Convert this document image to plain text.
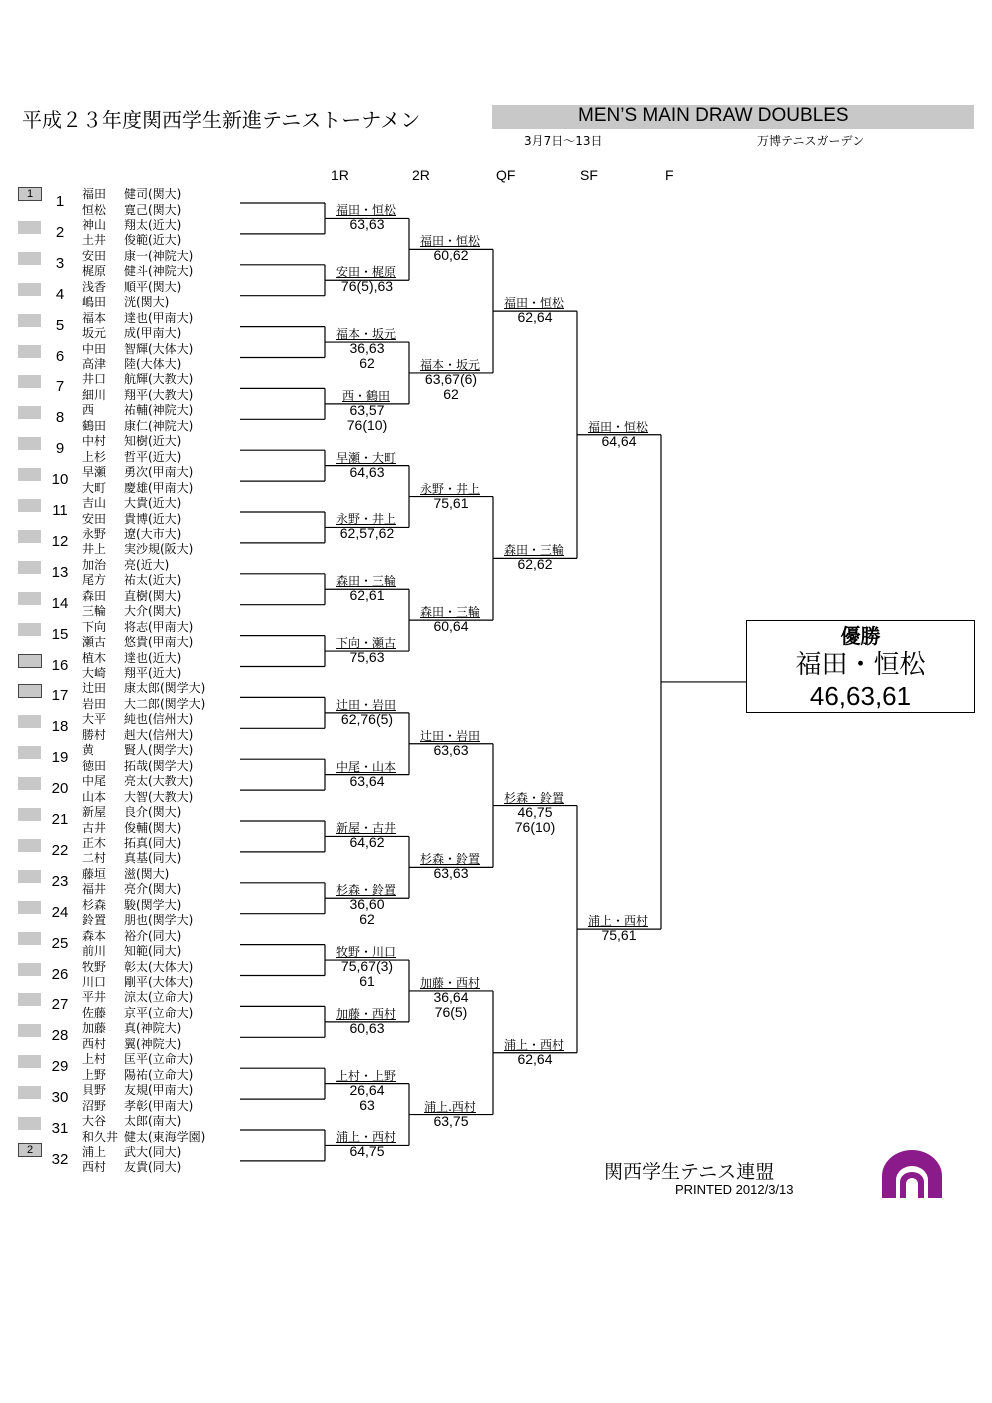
平成２３年度関西学生新進テニストーナメン	MEN’S MAIN DRAW DOUBLES
3月7日〜13日	万博テニスガーデン
1R	2R	QF	SF	F
1	1	福田 健司(関大)
恒松 寛己(関大)
2	神山 翔太(近大)
土井 俊範(近大)
3	安田 康一(神院大)
梶原 健斗(神院大)
4	浅香 順平(関大)
嶋田 洸(関大)
5	福本 達也(甲南大)
坂元 成(甲南大)
6	中田 智輝(大体大)
高津 陸(大体大)
7	井口 航輝(大教大)
細川 翔平(大教大)
8	西 祐輔(神院大)
鶴田 康仁(神院大)
9	中村 知樹(近大)
上杉 哲平(近大)
10	早瀬 勇次(甲南大)
大町 慶雄(甲南大)
11	吉山 大貴(近大)
安田 貴博(近大)
12	永野 遼(大市大)
井上 実沙規(阪大)
13	加治 亮(近大)
尾方 祐太(近大)
14	森田 直樹(関大)
三輪 大介(関大)
15	下向 将志(甲南大)
瀬古 悠貴(甲南大)
16	植木 達也(近大)
大崎 翔平(近大)
17	辻田 康太郎(関学大)
岩田 大二郎(関学大)
18	大平 純也(信州大)
勝村 赳大(信州大)
19	黄 賢人(関学大)
徳田 拓哉(関学大)
20	中尾 亮太(大教大)
山本 大智(大教大)
21	新屋 良介(関大)
古井 俊輔(関大)
22	正木 拓真(同大)
二村 真基(同大)
23	藤垣 滋(関大)
福井 亮介(関大)
24	杉森 駿(関学大)
鈴置 朋也(関学大)
25	森本 裕介(同大)
前川 知範(同大)
26	牧野 彰太(大体大)
川口 剛平(大体大)
27	平井 涼太(立命大)
佐藤 京平(立命大)
28	加藤 真(神院大)
西村 翼(神院大)
29	上村 匡平(立命大)
上野 陽祐(立命大)
30	貝野 友規(甲南大)
沼野 孝彰(甲南大)
31	大谷 太郎(南大)
和久井 健太(東海学園)
2
32	浦上 武大(同大)
西村 友貴(同大)
福田・恒松
63,63
安田・梶原
76(5),63
福本・坂元
36,63
62
西・鶴田
63,57
76(10)
早瀬・大町
64,63
永野・井上
62,57,62
森田・三輪
62,61
下向・瀬古
75,63
辻田・岩田
62,76(5)
中尾・山本
63,64
新屋・古井
64,62
杉森・鈴置
36,60
62
牧野・川口
75,67(3)
61
加藤・西村
60,63
上村・上野
26,64
63
浦上・西村
64,75
福田・恒松
60,62
福本・坂元
63,67(6)
62
永野・井上
75,61
森田・三輪
60,64
辻田・岩田
63,63
杉森・鈴置
63,63
加藤・西村
36,64
76(5)
浦上.西村
63,75
福田・恒松
62,64
森田・三輪
62,62
杉森・鈴置
46,75
76(10)
浦上・西村
62,64
福田・恒松
64,64
浦上・西村
75,61
優勝
福田・恒松
46,63,61
関西学生テニス連盟
PRINTED 2012/3/13
